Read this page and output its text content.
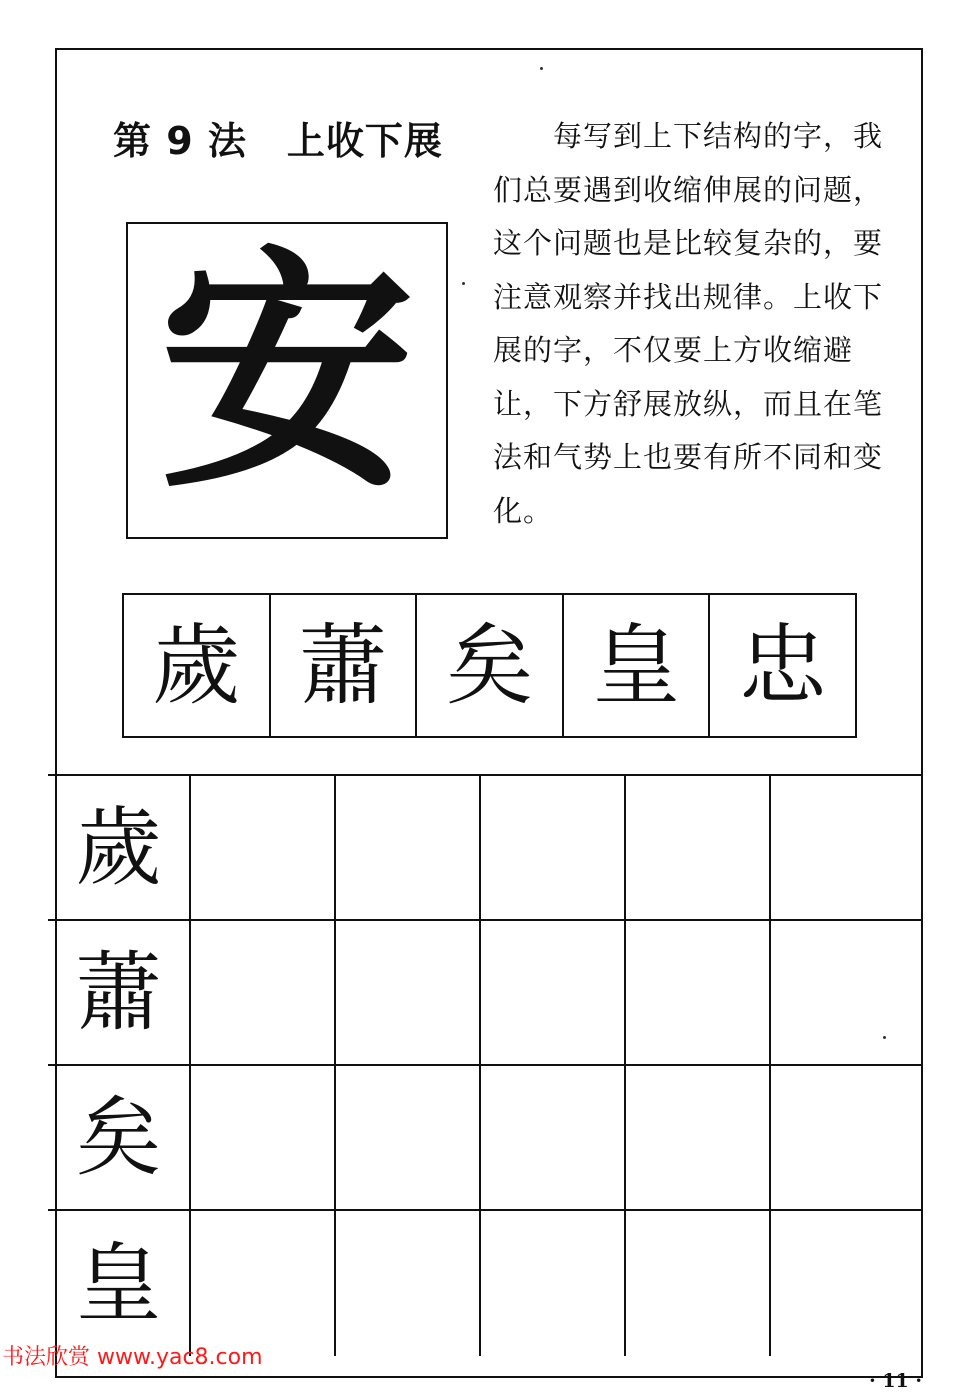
第 9 法 上收下展	每写到上下结构的字，我们总要遇到收缩伸展的问题，这个问题也是比较复杂的，要注意观察并找出规律。上收下展的字，不仅要上方收缩避让，下方舒展放纵，而且在笔法和气势上也要有所不同和变化。

安
歲 蕭 矣 皇 忠
歲
蕭
矣
皇
书法欣赏 www.yac8.com
· 11 ·
